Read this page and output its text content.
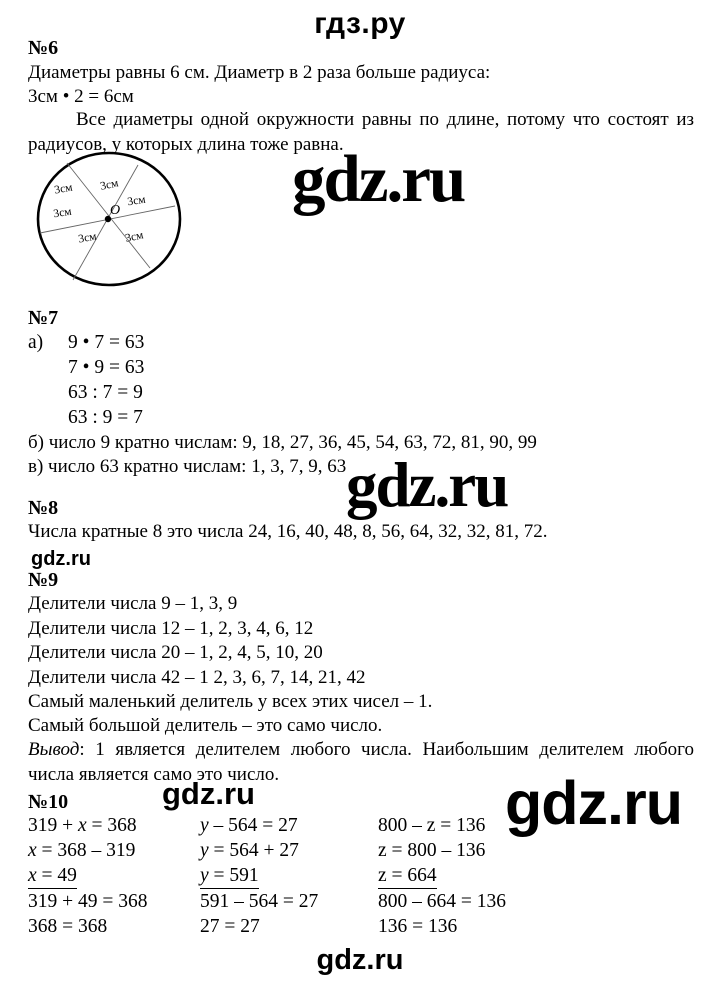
гдз.ру
№6
Диаметры равны 6 см. Диаметр в 2 раза больше радиуса:
3см • 2 = 6см
Все диаметры одной окружности равны по длине, потому что состоят из радиусов, у которых длина тоже равна.
O
3см 3см
3см
3см
3см 3см
gdz.ru
№7
а) 9 • 7 = 63
7 • 9 = 63
63 : 7 = 9
63 : 9 = 7
б) число 9 кратно числам: 9, 18, 27, 36, 45, 54, 63, 72, 81, 90, 99
в) число 63 кратно числам: 1, 3, 7, 9, 63 gdz.ru
№8
Числа кратные 8 это числа 24, 16, 40, 48, 8, 56, 64, 32, 32, 81, 72.
gdz.ru
№9
Делители числа 9 – 1, 3, 9
Делители числа 12 – 1, 2, 3, 4, 6, 12
Делители числа 20 – 1, 2, 4, 5, 10, 20
Делители числа 42 – 1 2, 3, 6, 7, 14, 21, 42
Самый маленький делитель у всех этих чисел – 1.
Самый большой делитель – это само число.
Вывод: 1 является делителем любого числа. Наибольшим делителем любого числа является само это число.
№10	gdz.ru	gdz.ru
319 + x = 368
x = 368 – 319
x = 49
319 + 49 = 368
368 = 368
y – 564 = 27
y = 564 + 27
y = 591
591 – 564 = 27
27 = 27
800 – z = 136
z = 800 – 136
z = 664
800 – 664 = 136
136 = 136
gdz.ru
